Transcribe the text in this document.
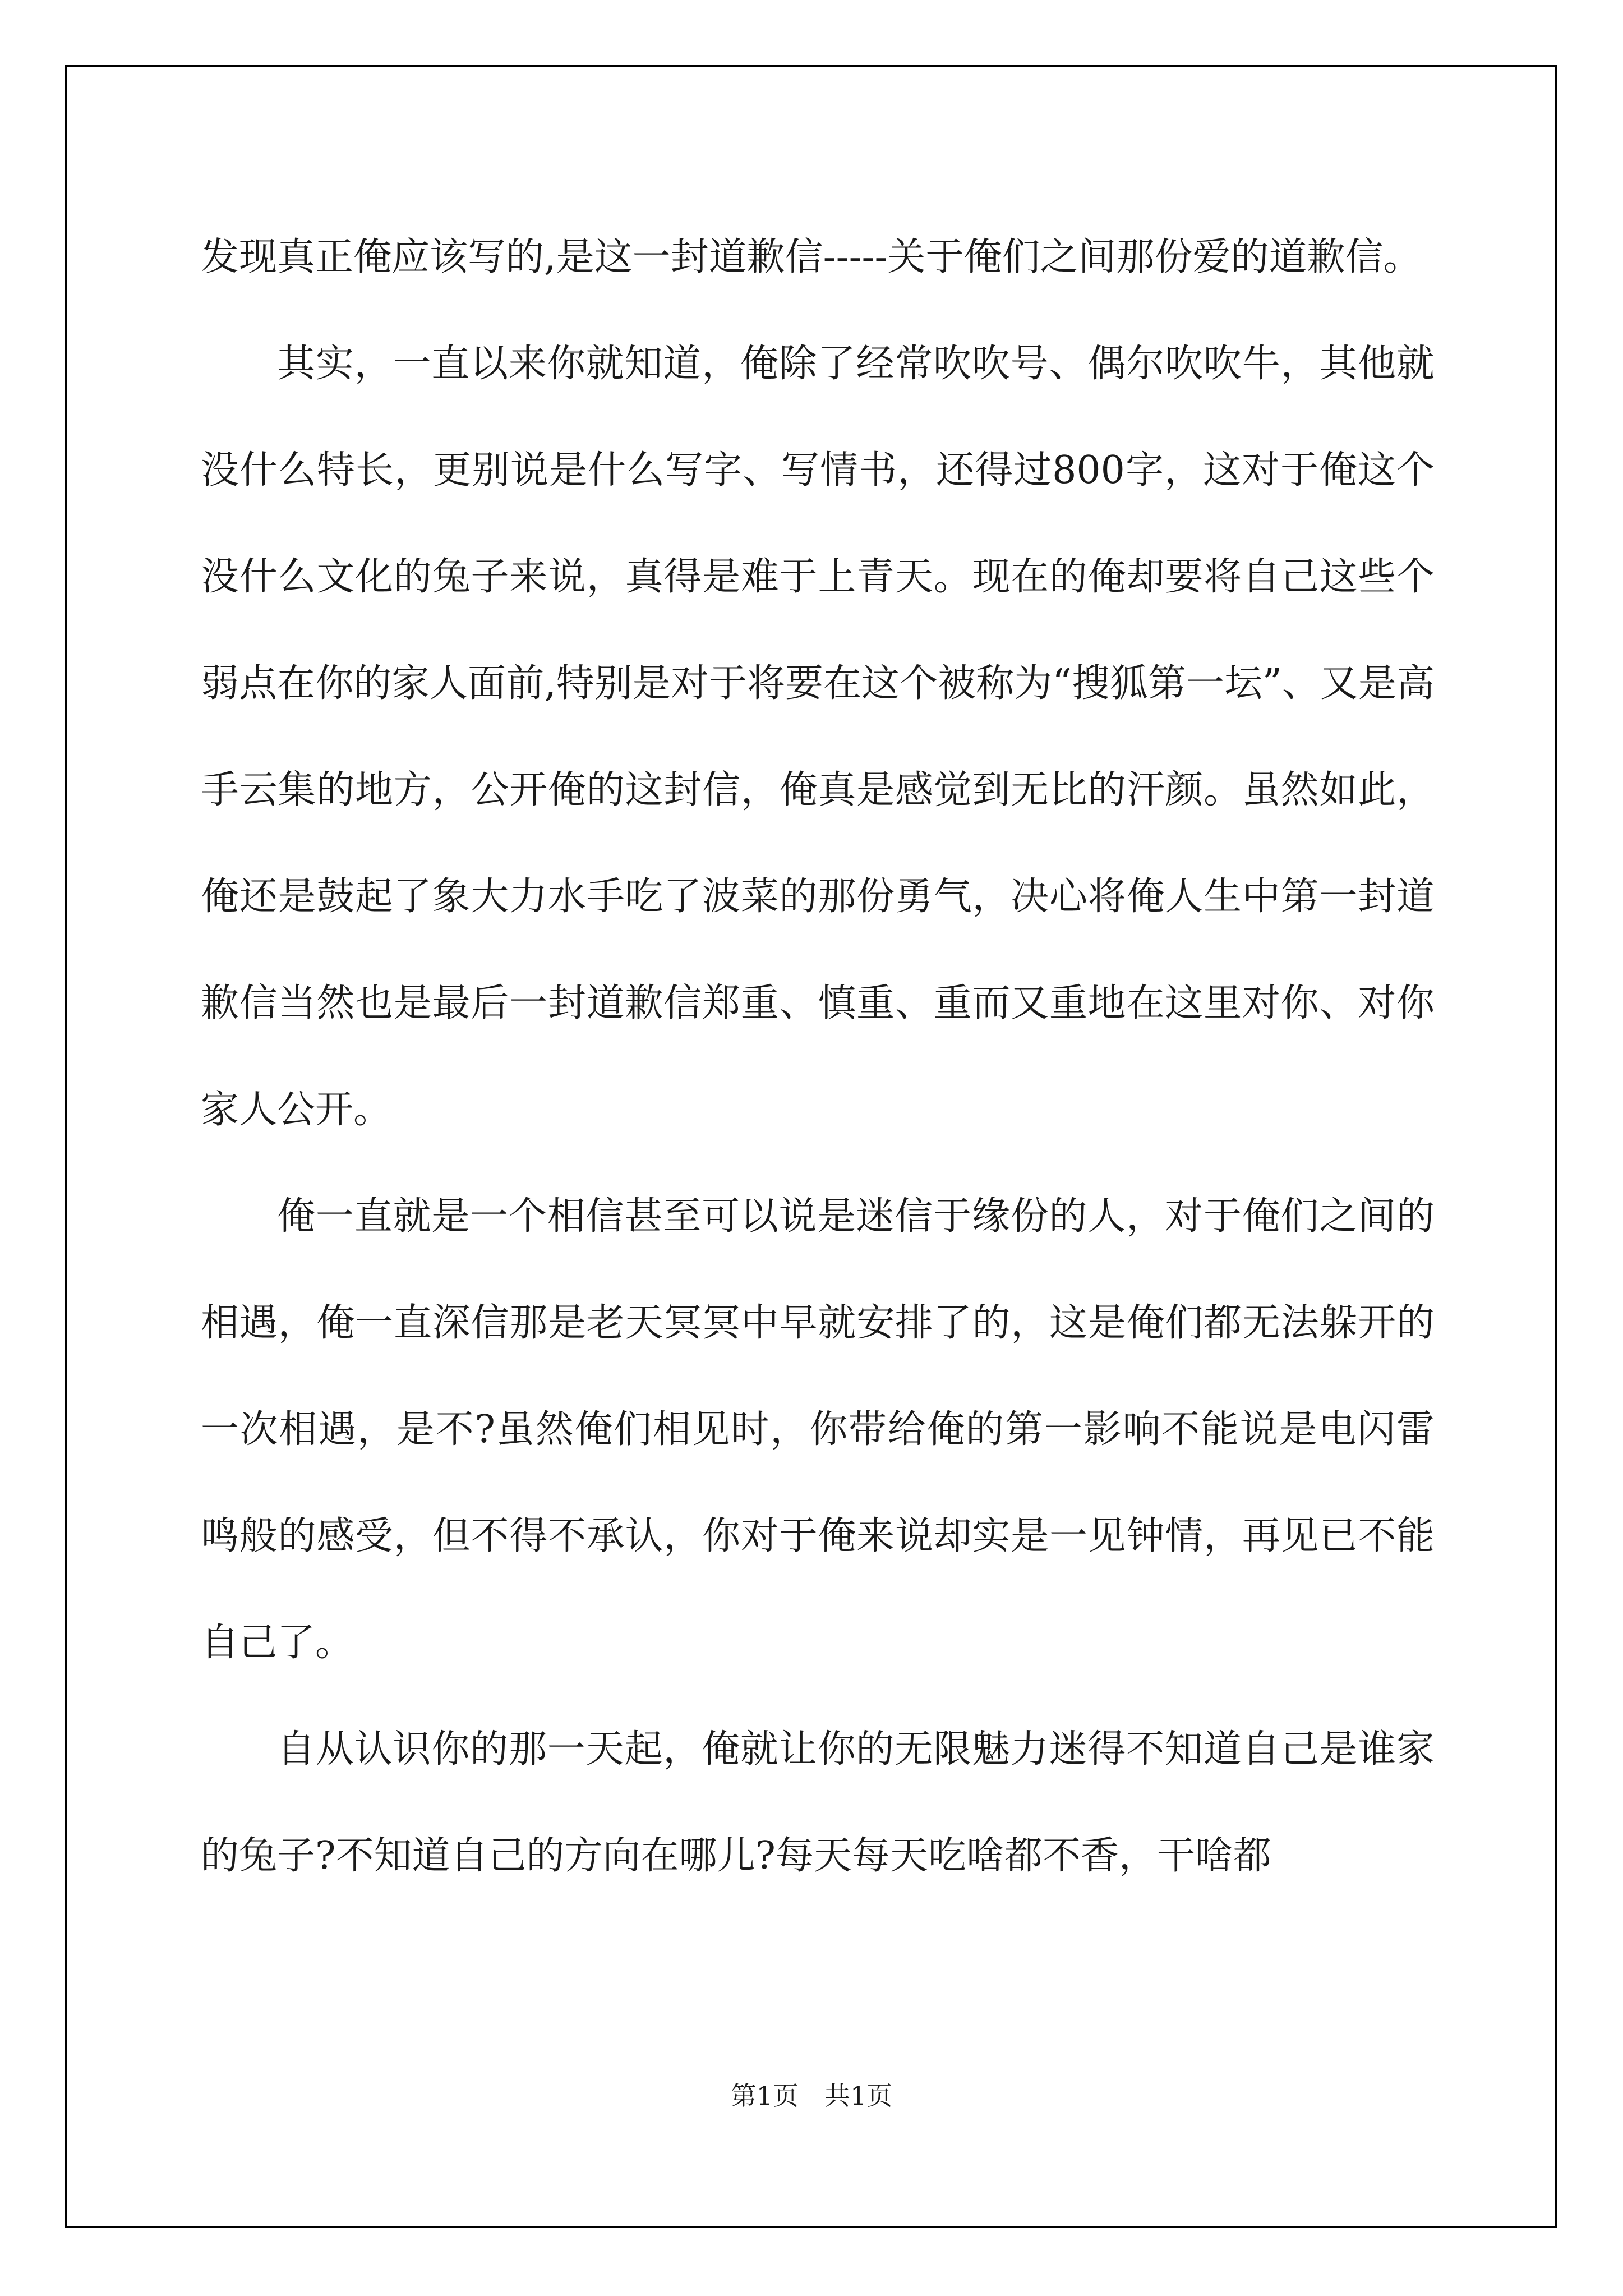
发现真正俺应该写的,是这一封道歉信-----关于俺们之间那份爱的道歉信。

其实，一直以来你就知道，俺除了经常吹吹号、偶尔吹吹牛，其他就没什么特长，更别说是什么写字、写情书，还得过800字，这对于俺这个没什么文化的兔子来说，真得是难于上青天。现在的俺却要将自己这些个弱点在你的家人面前,特别是对于将要在这个被称为“搜狐第一坛”、又是高手云集的地方，公开俺的这封信，俺真是感觉到无比的汗颜。虽然如此，俺还是鼓起了象大力水手吃了波菜的那份勇气，决心将俺人生中第一封道歉信当然也是最后一封道歉信郑重、慎重、重而又重地在这里对你、对你家人公开。

俺一直就是一个相信甚至可以说是迷信于缘份的人，对于俺们之间的相遇，俺一直深信那是老天冥冥中早就安排了的，这是俺们都无法躲开的一次相遇，是不?虽然俺们相见时，你带给俺的第一影响不能说是电闪雷鸣般的感受，但不得不承认，你对于俺来说却实是一见钟情，再见已不能自己了。

自从认识你的那一天起，俺就让你的无限魅力迷得不知道自己是谁家的兔子?不知道自己的方向在哪儿?每天每天吃啥都不香，干啥都

第1页 共1页
